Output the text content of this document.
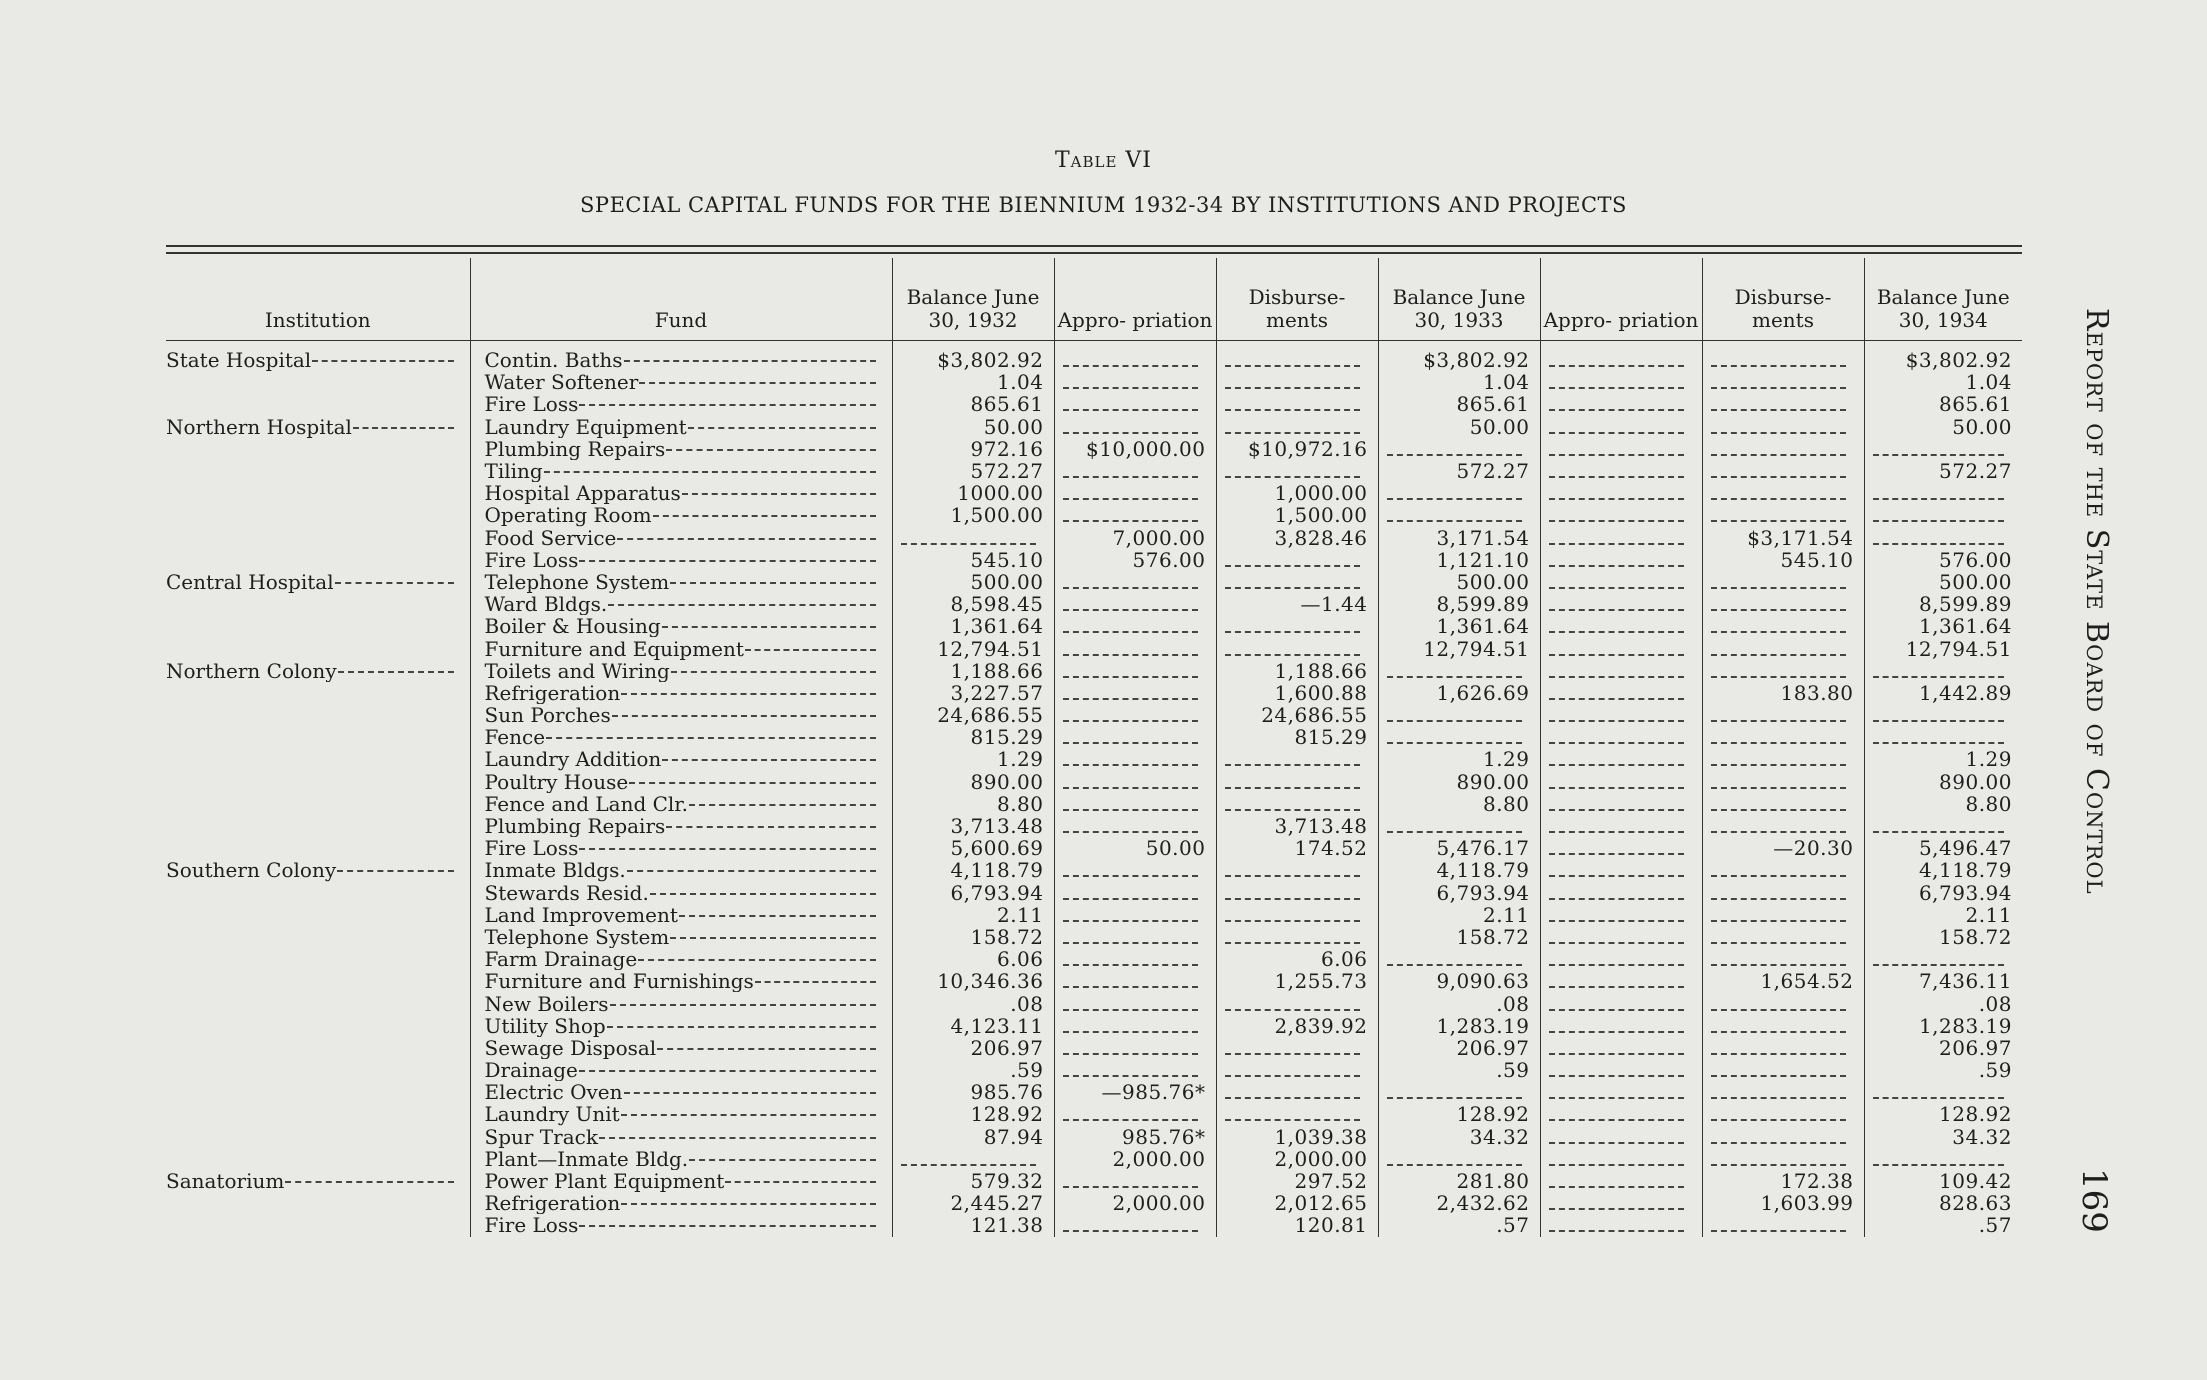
Table VI
SPECIAL CAPITAL FUNDS FOR THE BIENNIUM 1932-34 BY INSTITUTIONS AND PROJECTS
Institution	Fund	Balance June 30, 1932	Appro- priation	Disburse- ments	Balance June 30, 1933	Appro- priation	Disburse- ments	Balance June 30, 1934

State Hospital	Contin. Baths	$3,802.92			$3,802.92			$3,802.92

	Water Softener	1.04			1.04			1.04

	Fire Loss	865.61			865.61			865.61

Northern Hospital	Laundry Equipment	50.00			50.00			50.00

	Plumbing Repairs	972.16	$10,000.00	$10,972.16	

	Tiling	572.27			572.27			572.27

	Hospital Apparatus	1000.00		1,000.00	

	Operating Room	1,500.00		1,500.00	

	Food Service		7,000.00	3,828.46	3,171.54		$3,171.54	

	Fire Loss	545.10	576.00		1,121.10		545.10	576.00

Central Hospital	Telephone System	500.00			500.00			500.00

	Ward Bldgs.	8,598.45		—1.44	8,599.89			8,599.89

	Boiler & Housing	1,361.64			1,361.64			1,361.64

	Furniture and Equipment	12,794.51			12,794.51			12,794.51

Northern Colony	Toilets and Wiring	1,188.66		1,188.66	

	Refrigeration	3,227.57		1,600.88	1,626.69		183.80	1,442.89

	Sun Porches	24,686.55		24,686.55	

	Fence	815.29		815.29	

	Laundry Addition	1.29			1.29			1.29

	Poultry House	890.00			890.00			890.00

	Fence and Land Clr.	8.80			8.80			8.80

	Plumbing Repairs	3,713.48		3,713.48	

	Fire Loss	5,600.69	50.00	174.52	5,476.17		—20.30	5,496.47

Southern Colony	Inmate Bldgs.	4,118.79			4,118.79			4,118.79

	Stewards Resid.	6,793.94			6,793.94			6,793.94

	Land Improvement	2.11			2.11			2.11

	Telephone System	158.72			158.72			158.72

	Farm Drainage	6.06		6.06	

	Furniture and Furnishings	10,346.36		1,255.73	9,090.63		1,654.52	7,436.11

	New Boilers	.08			.08			.08

	Utility Shop	4,123.11		2,839.92	1,283.19			1,283.19

	Sewage Disposal	206.97			206.97			206.97

	Drainage	.59			.59			.59

	Electric Oven	985.76	—985.76*	

	Laundry Unit	128.92			128.92			128.92

	Spur Track	87.94	985.76*	1,039.38	34.32			34.32

	Plant—Inmate Bldg.		2,000.00	2,000.00	

Sanatorium	Power Plant Equipment	579.32		297.52	281.80		172.38	109.42

	Refrigeration	2,445.27	2,000.00	2,012.65	2,432.62		1,603.99	828.63

	Fire Loss	121.38		120.81	.57			.57
Report of the State Board of Control
169
